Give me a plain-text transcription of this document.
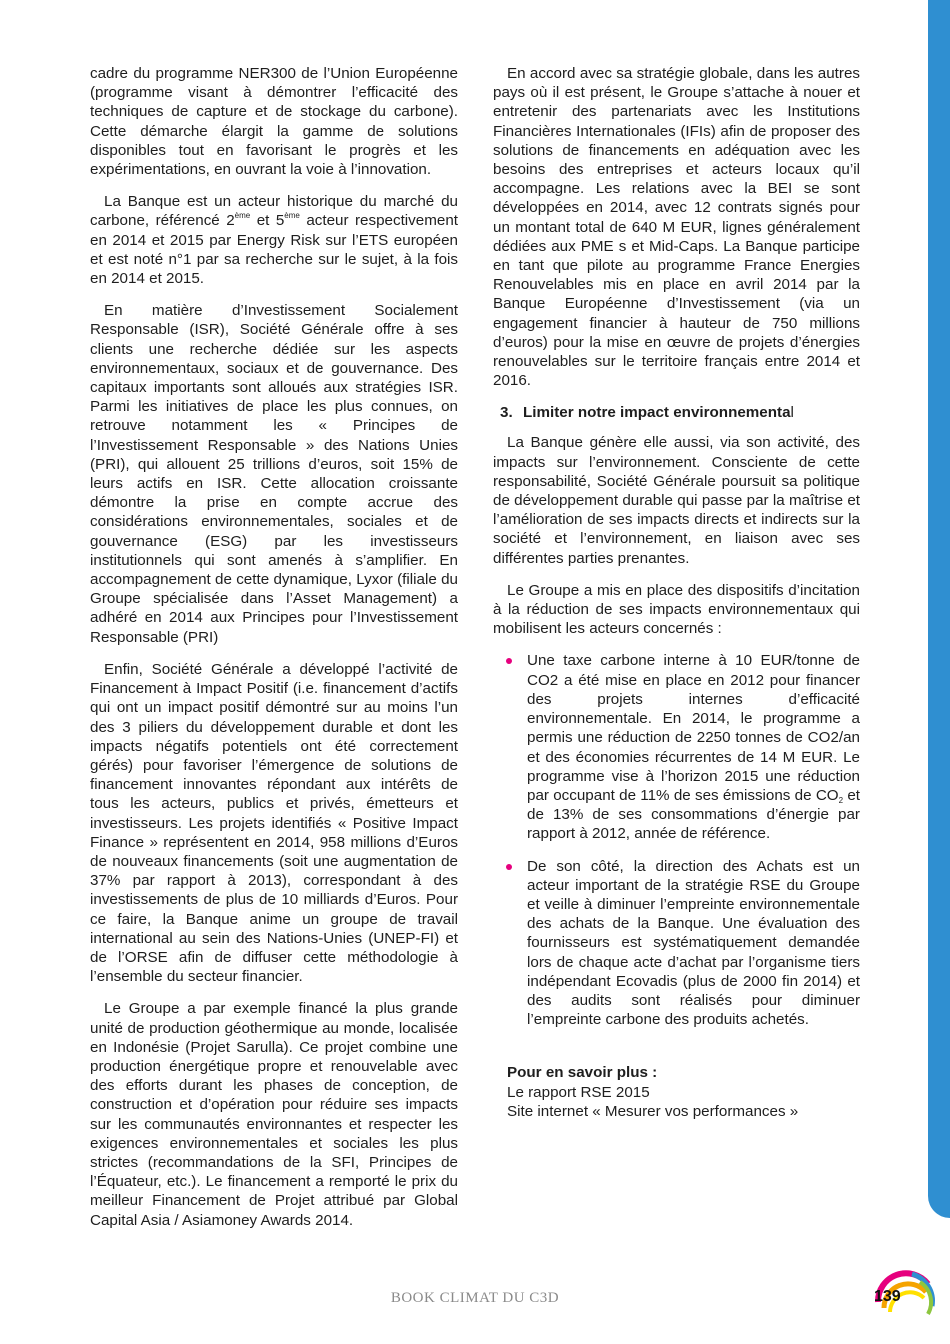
cadre du programme NER300 de l’Union Européenne (programme visant à démontrer l’efficacité des techniques de capture et de stockage du carbone). Cette démarche élargit la gamme de solutions disponibles tout en favorisant le progrès et les expérimentations, en ouvrant la voie à l’innovation.

La Banque est un acteur historique du marché du carbone, référencé 2ème et 5ème acteur respectivement en 2014 et 2015 par Energy Risk sur l’ETS européen et est noté n°1 par sa recherche sur le sujet, à la fois en 2014 et 2015.

En matière d’Investissement Socialement Responsable (ISR), Société Générale offre à ses clients une recherche dédiée sur les aspects environnementaux, sociaux et de gouvernance. Des capitaux importants sont alloués aux stratégies ISR. Parmi les initiatives de place les plus connues, on retrouve notamment les « Principes de l’Investissement Responsable » des Nations Unies (PRI), qui allouent 25 trillions d’euros, soit 15% de leurs actifs en ISR. Cette allocation croissante démontre la prise en compte accrue des considérations environnementales, sociales et de gouvernance (ESG) par les investisseurs institutionnels qui sont amenés à s’amplifier. En accompagnement de cette dynamique, Lyxor (filiale du Groupe spécialisée dans l’Asset Management) a adhéré en 2014 aux Principes pour l’Investissement Responsable (PRI)

Enfin, Société Générale a développé l’activité de Financement à Impact Positif (i.e. financement d’actifs qui ont un impact positif démontré sur au moins l’un des 3 piliers du développement durable et dont les impacts négatifs potentiels ont été correctement gérés) pour favoriser l’émergence de solutions de financement innovantes répondant aux intérêts de tous les acteurs, publics et privés, émetteurs et investisseurs. Les projets identifiés « Positive Impact Finance » représentent en 2014, 958 millions d’Euros de nouveaux financements (soit une augmentation de 37% par rapport à 2013), correspondant à des investissements de plus de 10 milliards d’Euros. Pour ce faire, la Banque anime un groupe de travail international au sein des Nations-Unies (UNEP-FI) et de l’ORSE afin de diffuser cette méthodologie à l’ensemble du secteur financier.

Le Groupe a par exemple financé la plus grande unité de production géothermique au monde, localisée en Indonésie (Projet Sarulla). Ce projet combine une production énergétique propre et renouvelable avec des efforts durant les phases de conception, de construction et d’opération pour réduire ses impacts sur les communautés environnantes et respecter les exigences environnementales et sociales les plus strictes (recommandations de la SFI, Principes de l’Équateur, etc.). Le financement a remporté le prix du meilleur Financement de Projet attribué par Global Capital Asia / Asiamoney Awards 2014.

En accord avec sa stratégie globale, dans les autres pays où il est présent, le Groupe s’attache à nouer et entretenir des partenariats avec les Institutions Financières Internationales (IFIs) afin de proposer des solutions de financements en adéquation avec les besoins des entreprises et acteurs locaux qu’il accompagne. Les relations avec la BEI se sont développées en 2014, avec 12 contrats signés pour un montant total de 640 M EUR, lignes généralement dédiées aux PME s et Mid-Caps. La Banque participe en tant que pilote au programme France Energies Renouvelables mis en place en avril 2014 par la Banque Européenne d’Investissement (via un engagement financier à hauteur de 750 millions d’euros) pour la mise en œuvre de projets d’énergies renouvelables sur le territoire français entre 2014 et 2016.

3. Limiter notre impact environnemental

La Banque génère elle aussi, via son activité, des impacts sur l’environnement. Consciente de cette responsabilité, Société Générale poursuit sa politique de développement durable qui passe par la maîtrise et l’amélioration de ses impacts directs et indirects sur la société et l’environnement, en liaison avec ses différentes parties prenantes.

Le Groupe a mis en place des dispositifs d’incitation à la réduction de ses impacts environnementaux qui mobilisent les acteurs concernés :

Une taxe carbone interne à 10 EUR/tonne de CO2 a été mise en place en 2012 pour financer des projets internes d’efficacité environnementale. En 2014, le programme a permis une réduction de 2250 tonnes de CO2/an et des économies récurrentes de 14 M EUR. Le programme vise à l’horizon 2015 une réduction par occupant de 11% de ses émissions de $CO_2$ et de 13% de ses consommations d’énergie par rapport à 2012, année de référence.
De son côté, la direction des Achats est un acteur important de la stratégie RSE du Groupe et veille à diminuer l’empreinte environnementale des achats de la Banque. Une évaluation des fournisseurs est systématiquement demandée lors de chaque acte d’achat par l’organisme tiers indépendant Ecovadis (plus de 2000 fin 2014) et des audits sont réalisés pour diminuer l’empreinte carbone des produits achetés.
Pour en savoir plus :
Le rapport RSE 2015
Site internet « Mesurer vos performances »
BOOK CLIMAT DU C3D	139
